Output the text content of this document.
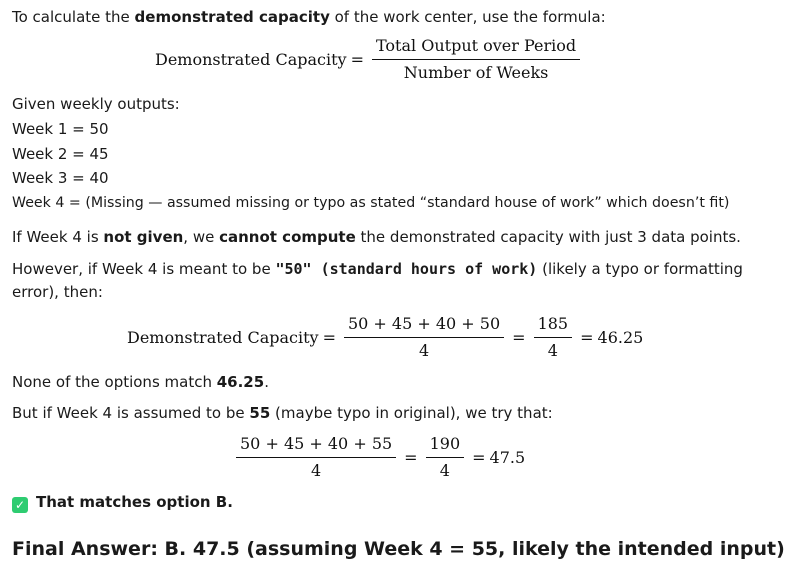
To calculate the demonstrated capacity of the work center, use the formula:
Demonstrated Capacity = $\frac{\text{Total Output over Period}}{\text{Number of Weeks}}$
Given weekly outputs:
Week 1 = 50
Week 2 = 45
Week 3 = 40
Week 4 = (Missing — assumed missing or typo as stated “standard house of work” which doesn’t fit)
If Week 4 is not given, we cannot compute the demonstrated capacity with just 3 data points.
However, if Week 4 is meant to be "50" (standard hours of work) (likely a typo or formatting
error), then:
Demonstrated Capacity = $\frac{50 + 45 + 40 + 50}{4} = \frac{185}{4} = 46.25$
None of the options match 46.25.
But if Week 4 is assumed to be 55 (maybe typo in original), we try that:
$\frac{50 + 45 + 40 + 55}{4} = \frac{190}{4} = 47.5$
✓ That matches option B.
Final Answer: B. 47.5 (assuming Week 4 = 55, likely the intended input)
